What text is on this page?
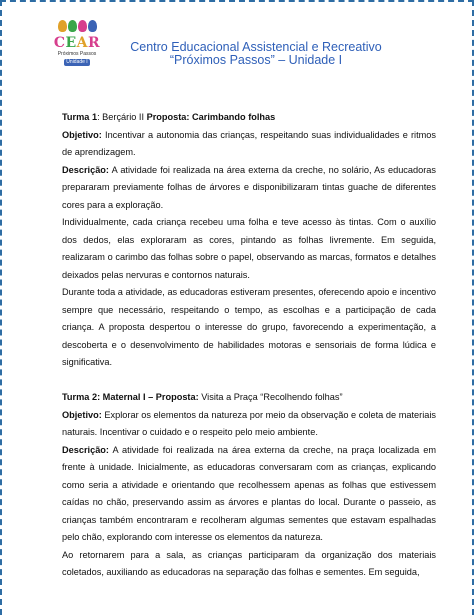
CEAR
Próximos Passos
Unidade I
Centro Educacional Assistencial e Recreativo
“Próximos Passos” – Unidade I

Turma 1: Berçário II Proposta: Carimbando folhas

Objetivo: Incentivar a autonomia das crianças, respeitando suas individualidades e ritmos de aprendizagem.

Descrição: A atividade foi realizada na área externa da creche, no solário, As educadoras prepararam previamente folhas de árvores e disponibilizaram tintas guache de diferentes cores para a exploração.

Individualmente, cada criança recebeu uma folha e teve acesso às tintas. Com o auxílio dos dedos, elas exploraram as cores, pintando as folhas livremente. Em seguida, realizaram o carimbo das folhas sobre o papel, observando as marcas, formatos e detalhes deixados pelas nervuras e contornos naturais.

Durante toda a atividade, as educadoras estiveram presentes, oferecendo apoio e incentivo sempre que necessário, respeitando o tempo, as escolhas e a participação de cada criança. A proposta despertou o interesse do grupo, favorecendo a experimentação, a descoberta e o desenvolvimento de habilidades motoras e sensoriais de forma lúdica e significativa.

Turma 2: Maternal I – Proposta: Visita a Praça “Recolhendo folhas”

Objetivo: Explorar os elementos da natureza por meio da observação e coleta de materiais naturais. Incentivar o cuidado e o respeito pelo meio ambiente.

Descrição: A atividade foi realizada na área externa da creche, na praça localizada em frente à unidade. Inicialmente, as educadoras conversaram com as crianças, explicando como seria a atividade e orientando que recolhessem apenas as folhas que estivessem caídas no chão, preservando assim as árvores e plantas do local. Durante o passeio, as crianças também encontraram e recolheram algumas sementes que estavam espalhadas pelo chão, explorando com interesse os elementos da natureza.

Ao retornarem para a sala, as crianças participaram da organização dos materiais coletados, auxiliando as educadoras na separação das folhas e sementes. Em seguida,
